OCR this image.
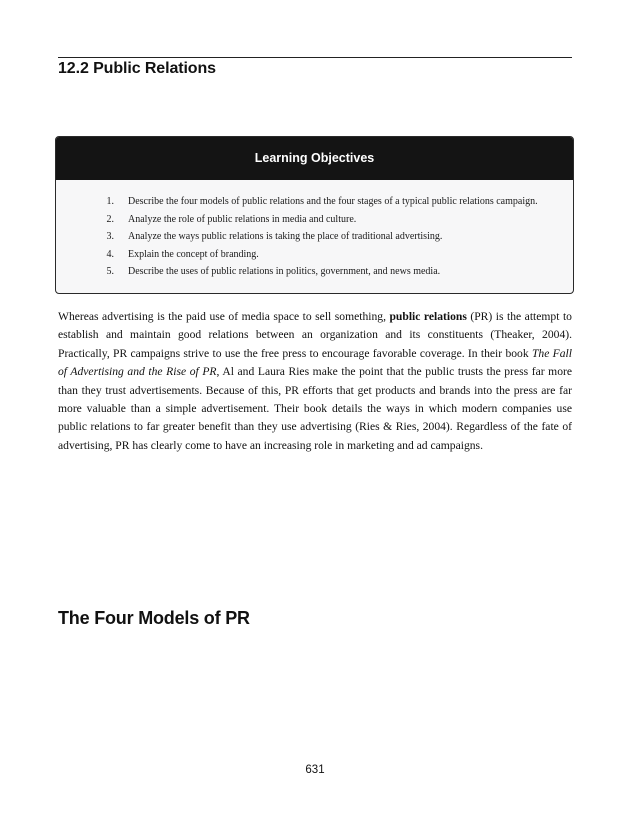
12.2 Public Relations
Learning Objectives
1. Describe the four models of public relations and the four stages of a typical public relations campaign.
2. Analyze the role of public relations in media and culture.
3. Analyze the ways public relations is taking the place of traditional advertising.
4. Explain the concept of branding.
5. Describe the uses of public relations in politics, government, and news media.

Whereas advertising is the paid use of media space to sell something, public relations (PR) is the attempt to establish and maintain good relations between an organization and its constituents (Theaker, 2004). Practically, PR campaigns strive to use the free press to encourage favorable coverage. In their book The Fall of Advertising and the Rise of PR, Al and Laura Ries make the point that the public trusts the press far more than they trust advertisements. Because of this, PR efforts that get products and brands into the press are far more valuable than a simple advertisement. Their book details the ways in which modern companies use public relations to far greater benefit than they use advertising (Ries & Ries, 2004). Regardless of the fate of advertising, PR has clearly come to have an increasing role in marketing and ad campaigns.

The Four Models of PR
631
